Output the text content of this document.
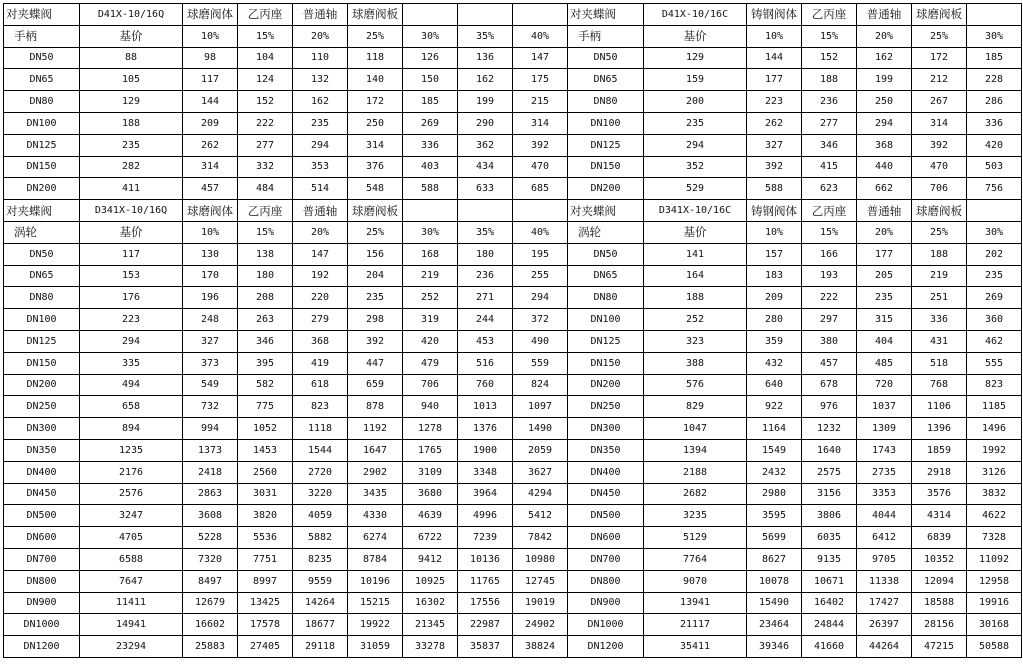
对夹蝶阀	D41X-10/16Q	球磨阀体	乙丙座	普通轴	球磨阀板				对夹蝶阀	D41X-10/16C	铸钢阀体	乙丙座	普通轴	球磨阀板	
手柄	基价	10%	15%	20%	25%	30%	35%	40%	手柄	基价	10%	15%	20%	25%	30%
DN50	88	98	104	110	118	126	136	147	DN50	129	144	152	162	172	185
DN65	105	117	124	132	140	150	162	175	DN65	159	177	188	199	212	228
DN80	129	144	152	162	172	185	199	215	DN80	200	223	236	250	267	286
DN100	188	209	222	235	250	269	290	314	DN100	235	262	277	294	314	336
DN125	235	262	277	294	314	336	362	392	DN125	294	327	346	368	392	420
DN150	282	314	332	353	376	403	434	470	DN150	352	392	415	440	470	503
DN200	411	457	484	514	548	588	633	685	DN200	529	588	623	662	706	756
对夹蝶阀	D341X-10/16Q	球磨阀体	乙丙座	普通轴	球磨阀板				对夹蝶阀	D341X-10/16C	铸钢阀体	乙丙座	普通轴	球磨阀板	
涡轮	基价	10%	15%	20%	25%	30%	35%	40%	涡轮	基价	10%	15%	20%	25%	30%
DN50	117	130	138	147	156	168	180	195	DN50	141	157	166	177	188	202
DN65	153	170	180	192	204	219	236	255	DN65	164	183	193	205	219	235
DN80	176	196	208	220	235	252	271	294	DN80	188	209	222	235	251	269
DN100	223	248	263	279	298	319	244	372	DN100	252	280	297	315	336	360
DN125	294	327	346	368	392	420	453	490	DN125	323	359	380	404	431	462
DN150	335	373	395	419	447	479	516	559	DN150	388	432	457	485	518	555
DN200	494	549	582	618	659	706	760	824	DN200	576	640	678	720	768	823
DN250	658	732	775	823	878	940	1013	1097	DN250	829	922	976	1037	1106	1185
DN300	894	994	1052	1118	1192	1278	1376	1490	DN300	1047	1164	1232	1309	1396	1496
DN350	1235	1373	1453	1544	1647	1765	1900	2059	DN350	1394	1549	1640	1743	1859	1992
DN400	2176	2418	2560	2720	2902	3109	3348	3627	DN400	2188	2432	2575	2735	2918	3126
DN450	2576	2863	3031	3220	3435	3680	3964	4294	DN450	2682	2980	3156	3353	3576	3832
DN500	3247	3608	3820	4059	4330	4639	4996	5412	DN500	3235	3595	3806	4044	4314	4622
DN600	4705	5228	5536	5882	6274	6722	7239	7842	DN600	5129	5699	6035	6412	6839	7328
DN700	6588	7320	7751	8235	8784	9412	10136	10980	DN700	7764	8627	9135	9705	10352	11092
DN800	7647	8497	8997	9559	10196	10925	11765	12745	DN800	9070	10078	10671	11338	12094	12958
DN900	11411	12679	13425	14264	15215	16302	17556	19019	DN900	13941	15490	16402	17427	18588	19916
DN1000	14941	16602	17578	18677	19922	21345	22987	24902	DN1000	21117	23464	24844	26397	28156	30168
DN1200	23294	25883	27405	29118	31059	33278	35837	38824	DN1200	35411	39346	41660	44264	47215	50588
